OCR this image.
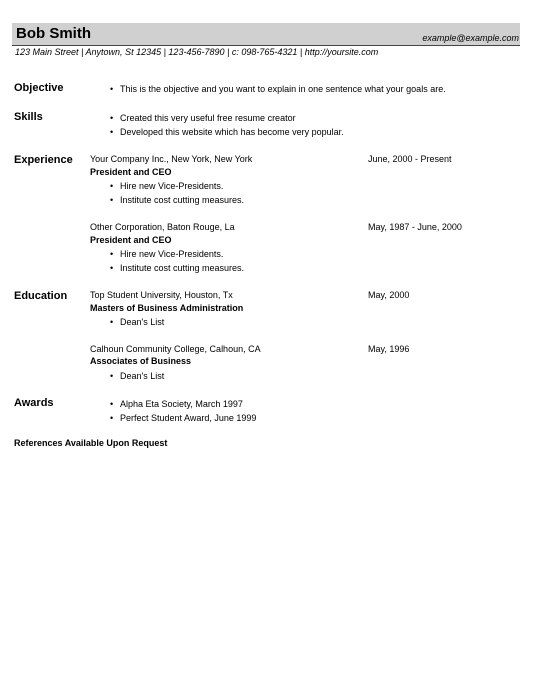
Bob Smith	example@example.com
123 Main Street | Anytown, St 12345 | 123-456-7890 | c: 098-765-4321 | http://yoursite.com
Objective	• This is the objective and you want to explain in one sentence what your goals are.
Skills	• Created this very useful free resume creator
• Developed this website which has become very popular.
Experience Your Company Inc., New York, New York	June, 2000 - Present
President and CEO
• Hire new Vice-Presidents.
• Institute cost cutting measures.
Other Corporation, Baton Rouge, La	May, 1987 - June, 2000
President and CEO
• Hire new Vice-Presidents.
• Institute cost cutting measures.
Education	Top Student University, Houston, Tx	May, 2000
Masters of Business Administration
• Dean's List
Calhoun Community College, Calhoun, CA	May, 1996
Associates of Business
• Dean's List
Awards	• Alpha Eta Society, March 1997
• Perfect Student Award, June 1999
References Available Upon Request
